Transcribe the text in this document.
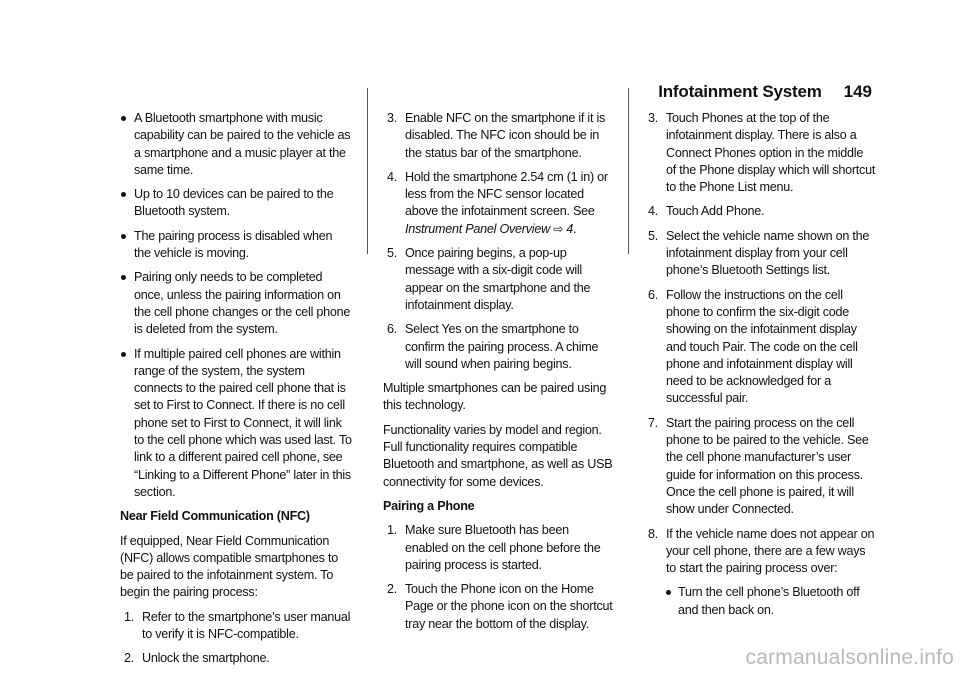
Infotainment System 149
A Bluetooth smartphone with music capability can be paired to the vehicle as a smartphone and a music player at the same time.
Up to 10 devices can be paired to the Bluetooth system.
The pairing process is disabled when the vehicle is moving.
Pairing only needs to be completed once, unless the pairing information on the cell phone changes or the cell phone is deleted from the system.
If multiple paired cell phones are within range of the system, the system connects to the paired cell phone that is set to First to Connect. If there is no cell phone set to First to Connect, it will link to the cell phone which was used last. To link to a different paired cell phone, see “Linking to a Different Phone” later in this section.

Near Field Communication (NFC)

If equipped, Near Field Communication (NFC) allows compatible smartphones to be paired to the infotainment system. To begin the pairing process:

1. Refer to the smartphone’s user manual to verify it is NFC-compatible.
2. Unlock the smartphone.
3. Enable NFC on the smartphone if it is disabled. The NFC icon should be in the status bar of the smartphone.
4. Hold the smartphone 2.54 cm (1 in) or less from the NFC sensor located above the infotainment screen. See Instrument Panel Overview ⇨ 4.
5. Once pairing begins, a pop-up message with a six-digit code will appear on the smartphone and the infotainment display.
6. Select Yes on the smartphone to confirm the pairing process. A chime will sound when pairing begins.

Multiple smartphones can be paired using this technology.

Functionality varies by model and region. Full functionality requires compatible Bluetooth and smartphone, as well as USB connectivity for some devices.

Pairing a Phone

1. Make sure Bluetooth has been enabled on the cell phone before the pairing process is started.
2. Touch the Phone icon on the Home Page or the phone icon on the shortcut tray near the bottom of the display.
3. Touch Phones at the top of the infotainment display. There is also a Connect Phones option in the middle of the Phone display which will shortcut to the Phone List menu.
4. Touch Add Phone.
5. Select the vehicle name shown on the infotainment display from your cell phone’s Bluetooth Settings list.
6. Follow the instructions on the cell phone to confirm the six-digit code showing on the infotainment display and touch Pair. The code on the cell phone and infotainment display will need to be acknowledged for a successful pair.
7. Start the pairing process on the cell phone to be paired to the vehicle. See the cell phone manufacturer’s user guide for information on this process. Once the cell phone is paired, it will show under Connected.
8. If the vehicle name does not appear on your cell phone, there are a few ways to start the pairing process over:
Turn the cell phone’s Bluetooth off and then back on.
carmanualsonline.info
